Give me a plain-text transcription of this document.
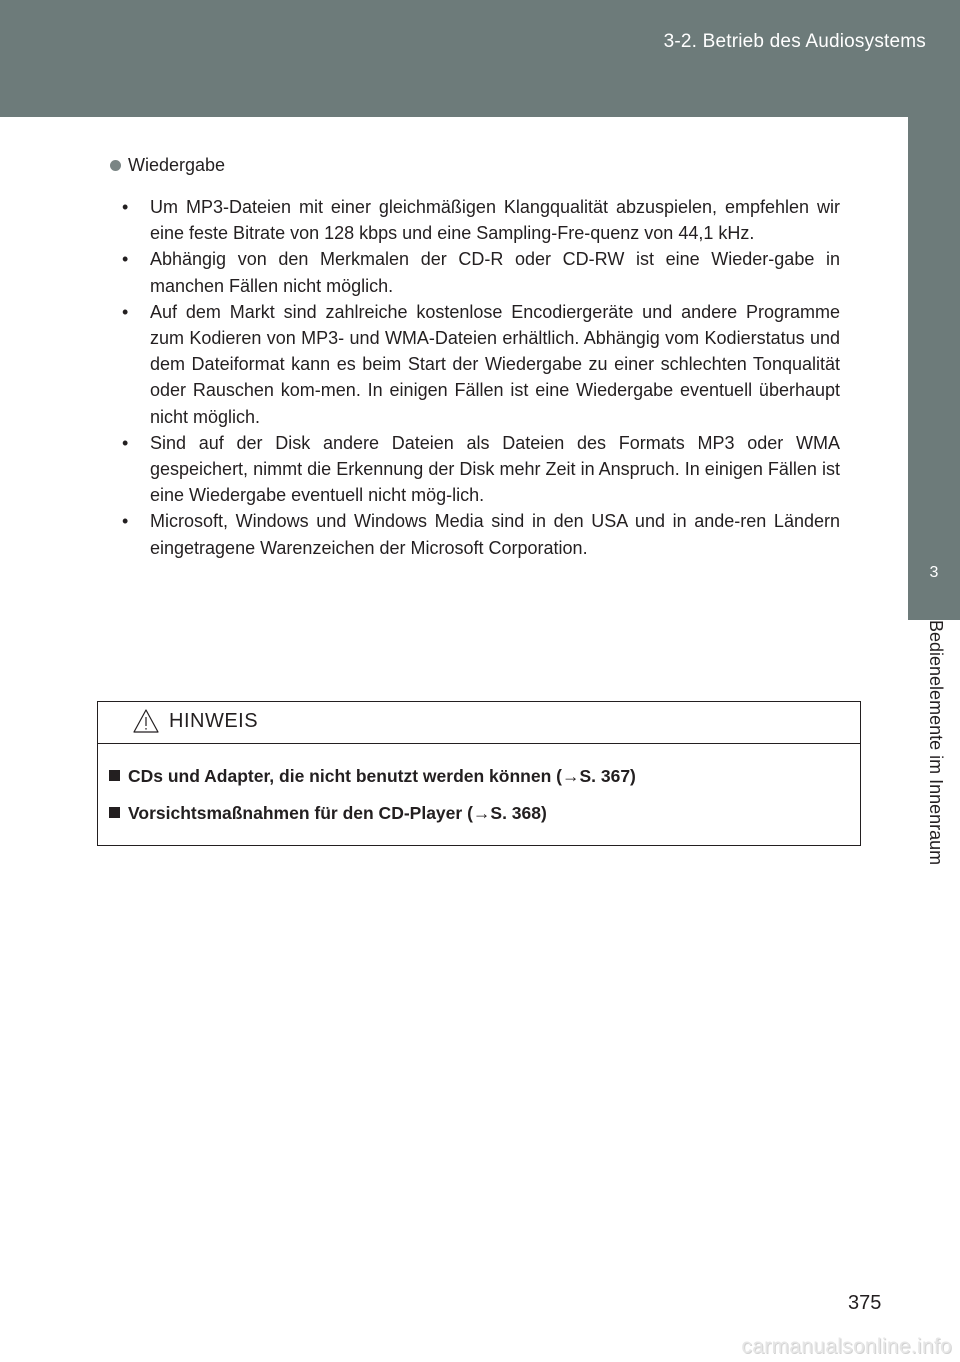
3-2. Betrieb des Audiosystems
3
Bedienelemente im Innenraum
Wiedergabe
• Um MP3-Dateien mit einer gleichmäßigen Klangqualität abzuspielen, empfehlen wir eine feste Bitrate von 128 kbps und eine Sampling-Fre-quenz von 44,1 kHz.
• Abhängig von den Merkmalen der CD-R oder CD-RW ist eine Wieder-gabe in manchen Fällen nicht möglich.
• Auf dem Markt sind zahlreiche kostenlose Encodiergeräte und andere Programme zum Kodieren von MP3- und WMA-Dateien erhältlich. Abhängig vom Kodierstatus und dem Dateiformat kann es beim Start der Wiedergabe zu einer schlechten Tonqualität oder Rauschen kom-men. In einigen Fällen ist eine Wiedergabe eventuell überhaupt nicht möglich.
• Sind auf der Disk andere Dateien als Dateien des Formats MP3 oder WMA gespeichert, nimmt die Erkennung der Disk mehr Zeit in Anspruch. In einigen Fällen ist eine Wiedergabe eventuell nicht mög-lich.
• Microsoft, Windows und Windows Media sind in den USA und in ande-ren Ländern eingetragene Warenzeichen der Microsoft Corporation.
HINWEIS
CDs und Adapter, die nicht benutzt werden können (→S. 367)
Vorsichtsmaßnahmen für den CD-Player (→S. 368)
375
carmanualsonline.info
